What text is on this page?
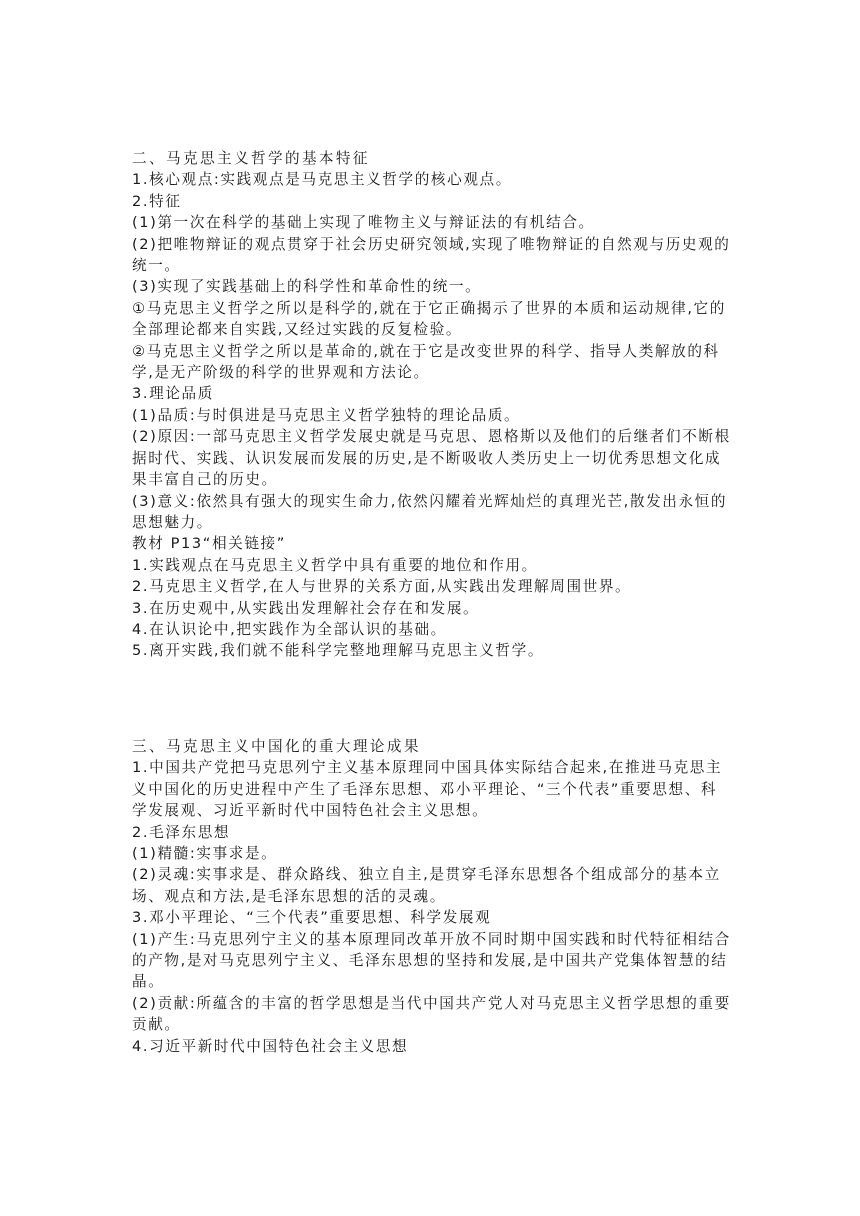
二、马克思主义哲学的基本特征
1.核心观点:实践观点是马克思主义哲学的核心观点。
2.特征
(1)第一次在科学的基础上实现了唯物主义与辩证法的有机结合。
(2)把唯物辩证的观点贯穿于社会历史研究领域,实现了唯物辩证的自然观与历史观的统一。
(3)实现了实践基础上的科学性和革命性的统一。
①马克思主义哲学之所以是科学的,就在于它正确揭示了世界的本质和运动规律,它的全部理论都来自实践,又经过实践的反复检验。
②马克思主义哲学之所以是革命的,就在于它是改变世界的科学、指导人类解放的科学,是无产阶级的科学的世界观和方法论。
3.理论品质
(1)品质:与时俱进是马克思主义哲学独特的理论品质。
(2)原因:一部马克思主义哲学发展史就是马克思、恩格斯以及他们的后继者们不断根据时代、实践、认识发展而发展的历史,是不断吸收人类历史上一切优秀思想文化成果丰富自己的历史。
(3)意义:依然具有强大的现实生命力,依然闪耀着光辉灿烂的真理光芒,散发出永恒的思想魅力。
教材 P13“相关链接”
1.实践观点在马克思主义哲学中具有重要的地位和作用。
2.马克思主义哲学,在人与世界的关系方面,从实践出发理解周围世界。
3.在历史观中,从实践出发理解社会存在和发展。
4.在认识论中,把实践作为全部认识的基础。
5.离开实践,我们就不能科学完整地理解马克思主义哲学。
三、马克思主义中国化的重大理论成果
1.中国共产党把马克思列宁主义基本原理同中国具体实际结合起来,在推进马克思主义中国化的历史进程中产生了毛泽东思想、邓小平理论、“三个代表”重要思想、科学发展观、习近平新时代中国特色社会主义思想。
2.毛泽东思想
(1)精髓:实事求是。
(2)灵魂:实事求是、群众路线、独立自主,是贯穿毛泽东思想各个组成部分的基本立场、观点和方法,是毛泽东思想的活的灵魂。
3.邓小平理论、“三个代表”重要思想、科学发展观
(1)产生:马克思列宁主义的基本原理同改革开放不同时期中国实践和时代特征相结合的产物,是对马克思列宁主义、毛泽东思想的坚持和发展,是中国共产党集体智慧的结晶。
(2)贡献:所蕴含的丰富的哲学思想是当代中国共产党人对马克思主义哲学思想的重要贡献。
4.习近平新时代中国特色社会主义思想
